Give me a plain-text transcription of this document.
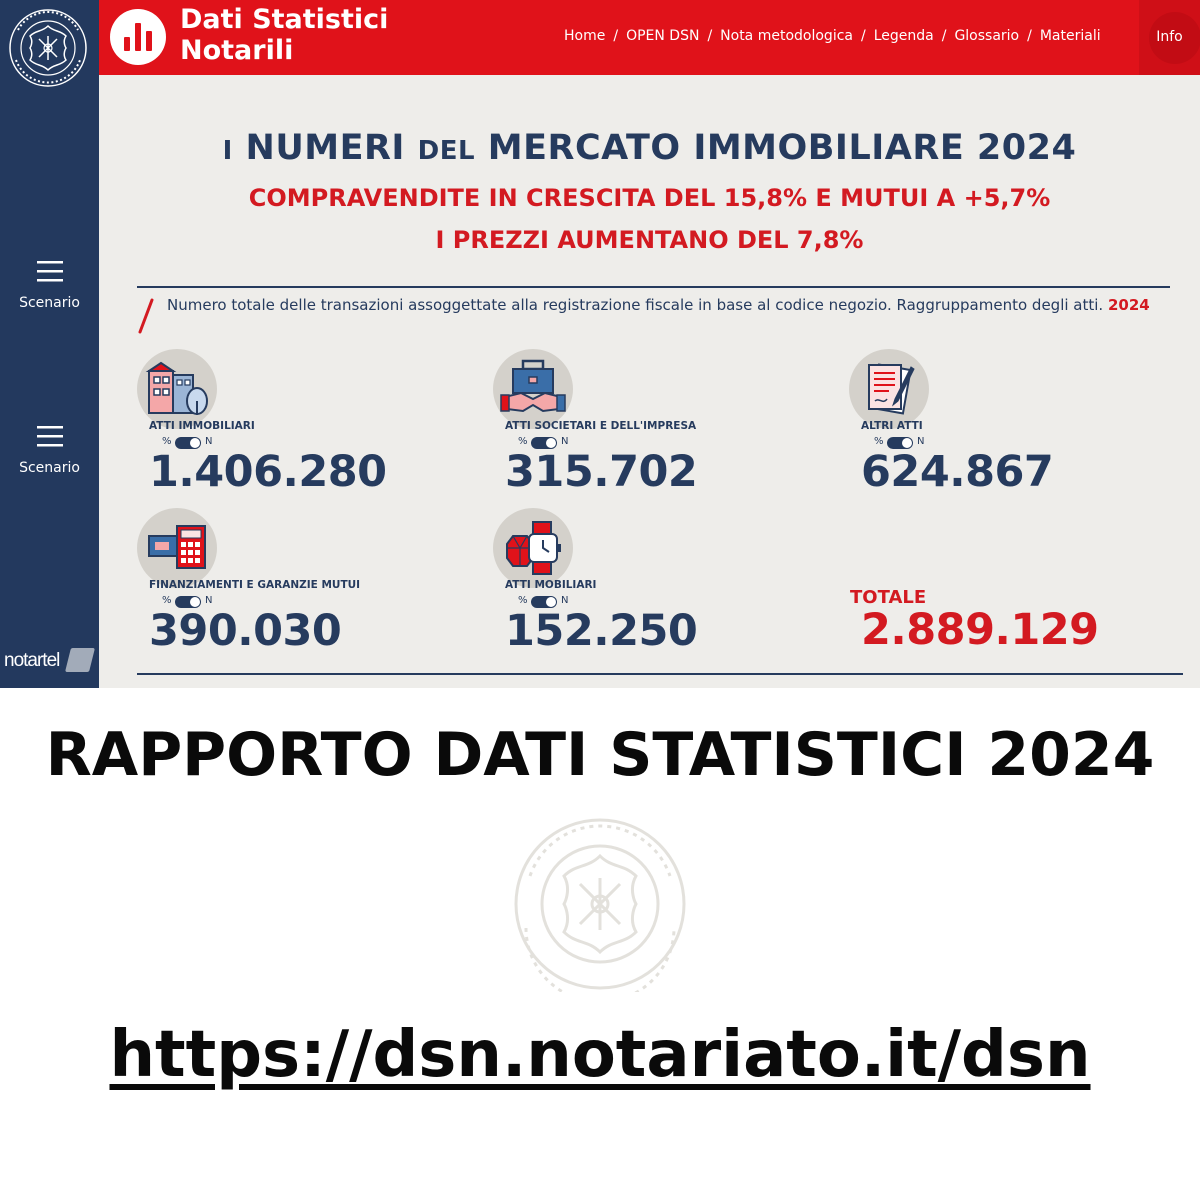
Scenario
Scenario
notartel
Dati Statistici
Notarili	Home / OPEN DSN / Nota metodologica / Legenda / Glossario / Materiali	Info
I NUMERI DEL MERCATO IMMOBILIARE 2024
COMPRAVENDITE IN CRESCITA DEL 15,8% E MUTUI A +5,7%
I PREZZI AUMENTANO DEL 7,8%
Numero totale delle transazioni assoggettate alla registrazione fiscale in base al codice negozio. Raggruppamento degli atti. 2024
ATTI IMMOBILIARI
%	N
1.406.280
ATTI SOCIETARI E DELL'IMPRESA
%	N
315.702
ALTRI ATTI
%	N
624.867
FINANZIAMENTI E GARANZIE MUTUI
%	N
390.030
ATTI MOBILIARI
%	N
152.250
TOTALE
2.889.129
RAPPORTO DATI STATISTICI 2024
https://dsn.notariato.it/dsn
